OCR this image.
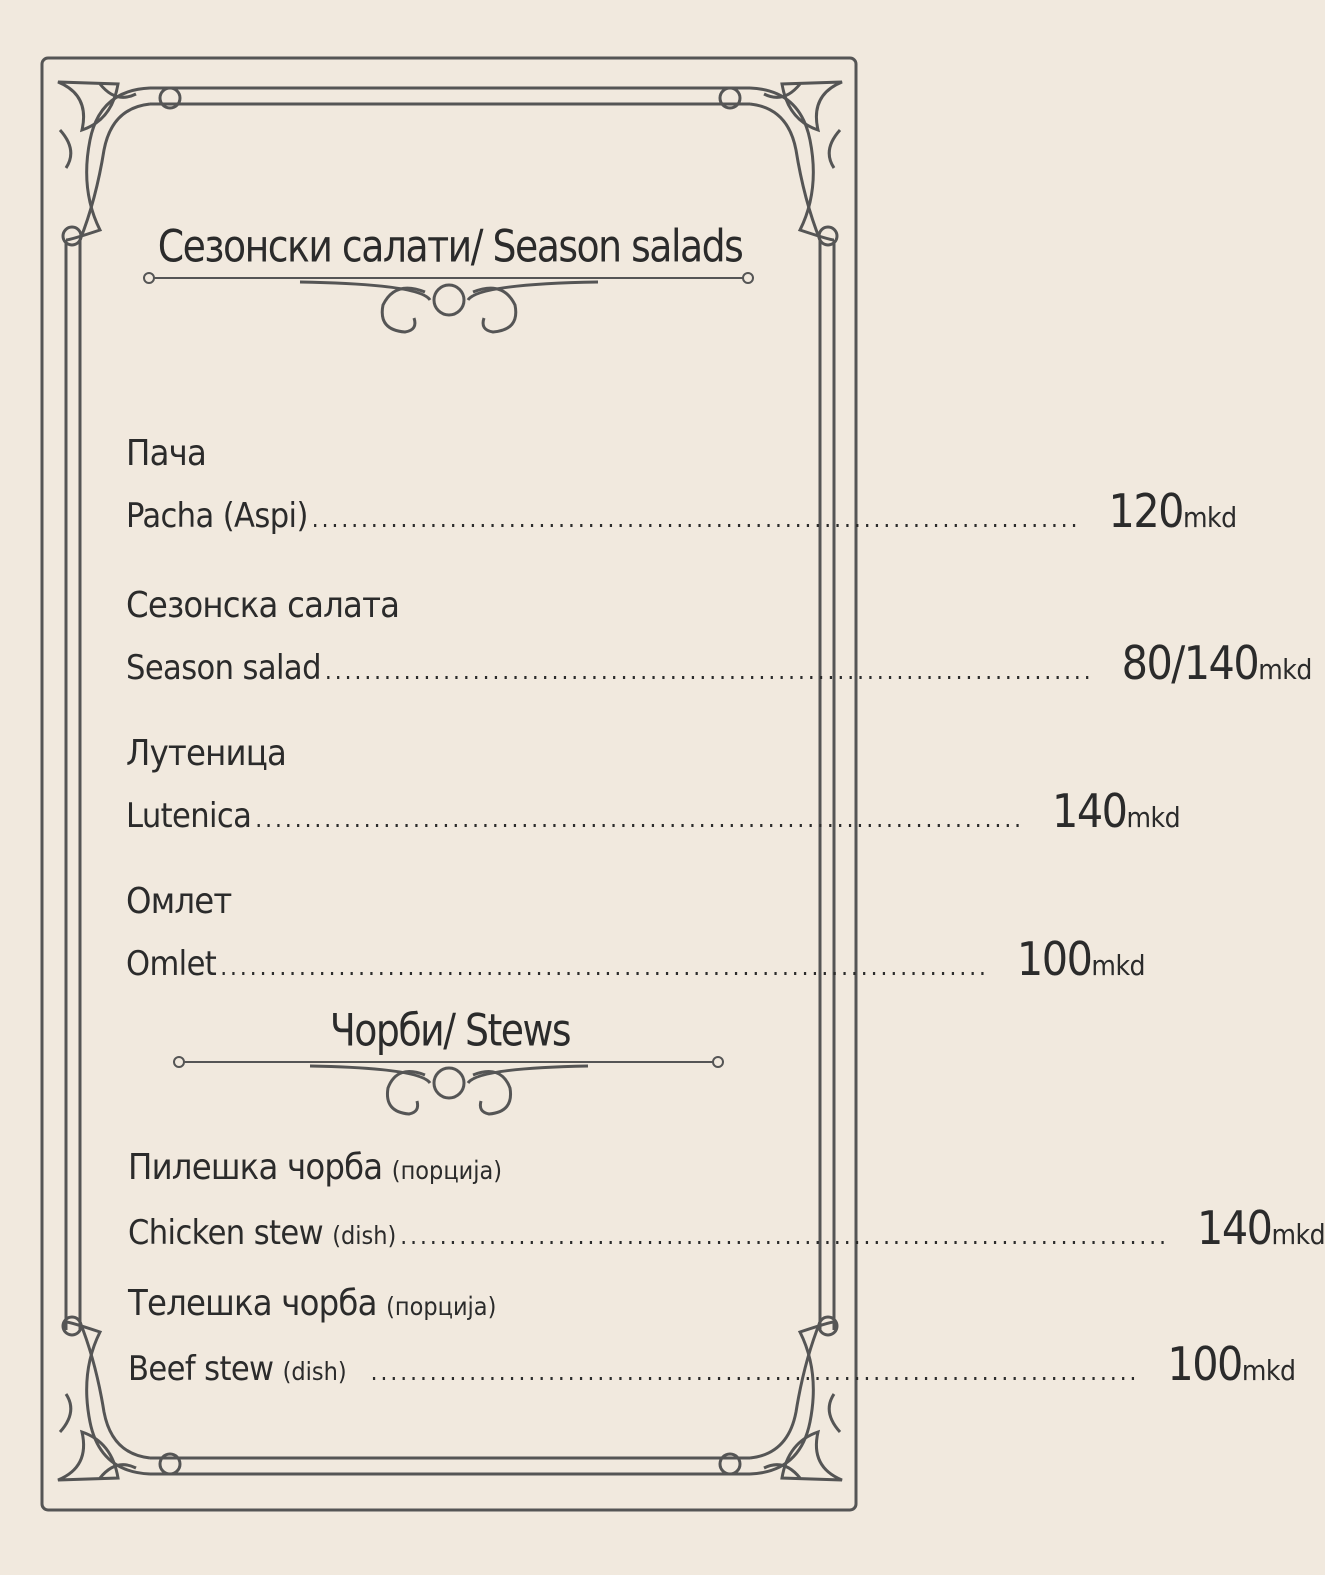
Сезонски салати/ Season salads
Чорби/ Stews
Пача
Pacha (Aspi) .............................................................................. 120mkd
Сезонска салата
Season salad .............................................................................. 80/140mkd
Лутеница
Lutenica .............................................................................. 140mkd
Омлет
Omlet .............................................................................. 100mkd
Пилешка чорба (порција)
Chicken stew (dish) .............................................................................. 140mkd
Телешка чорба (порција)
Beef stew (dish) .............................................................................. 100mkd
